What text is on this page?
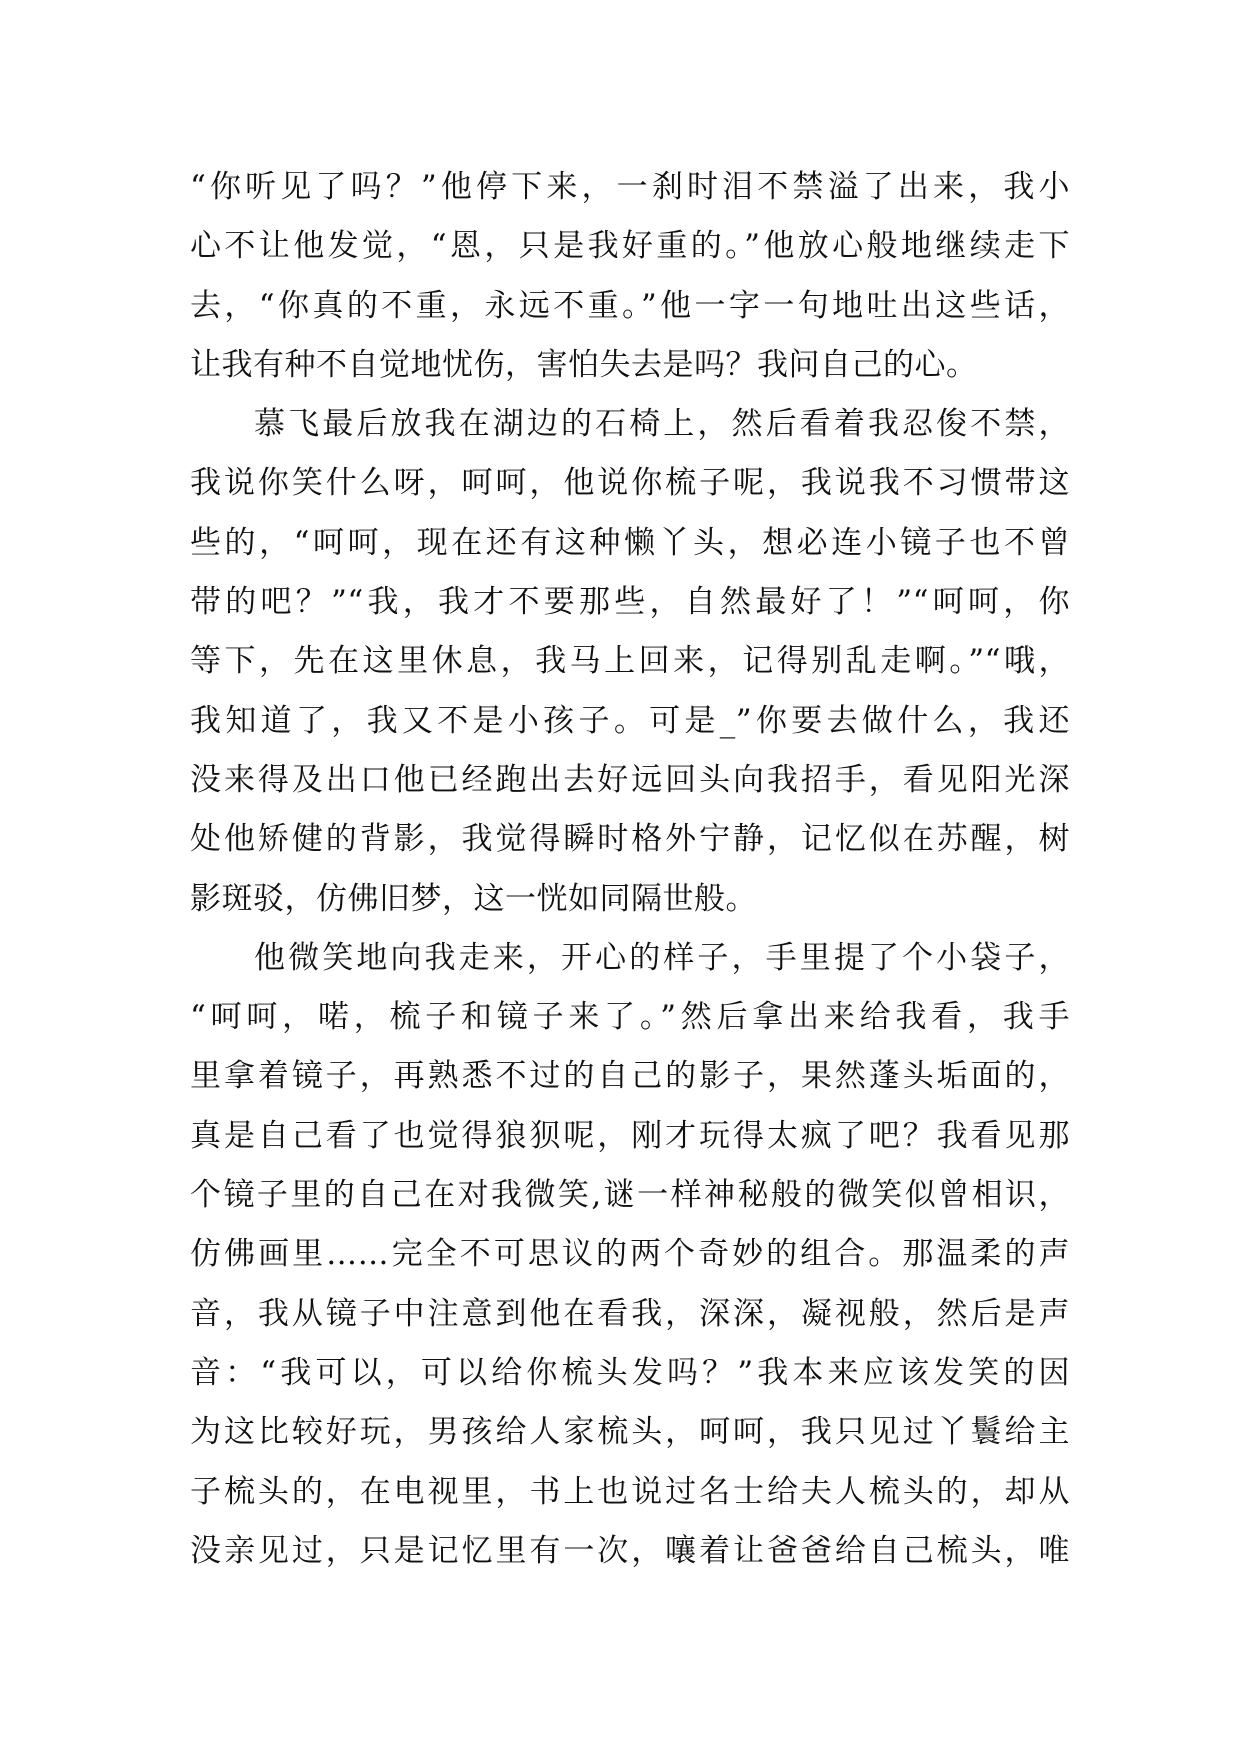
“你听见了吗？”他停下来，一刹时泪不禁溢了出来，我小
心不让他发觉，“恩，只是我好重的。”他放心般地继续走下
去，“你真的不重，永远不重。”他一字一句地吐出这些话，
让我有种不自觉地忧伤，害怕失去是吗？我问自己的心。
慕飞最后放我在湖边的石椅上，然后看着我忍俊不禁，
我说你笑什么呀，呵呵，他说你梳子呢，我说我不习惯带这
些的，“呵呵，现在还有这种懒丫头，想必连小镜子也不曾
带的吧？”“我，我才不要那些，自然最好了！”“呵呵，你
等下，先在这里休息，我马上回来，记得别乱走啊。”“哦，
我知道了，我又不是小孩子。可是_”你要去做什么，我还
没来得及出口他已经跑出去好远回头向我招手，看见阳光深
处他矫健的背影，我觉得瞬时格外宁静，记忆似在苏醒，树
影斑驳，仿佛旧梦，这一恍如同隔世般。
他微笑地向我走来，开心的样子，手里提了个小袋子，
“呵呵，喏，梳子和镜子来了。”然后拿出来给我看，我手
里拿着镜子，再熟悉不过的自己的影子，果然蓬头垢面的，
真是自己看了也觉得狼狈呢，刚才玩得太疯了吧？我看见那
个镜子里的自己在对我微笑,谜一样神秘般的微笑似曾相识，
仿佛画里……完全不可思议的两个奇妙的组合。那温柔的声
音，我从镜子中注意到他在看我，深深，凝视般，然后是声
音：“我可以，可以给你梳头发吗？”我本来应该发笑的因
为这比较好玩，男孩给人家梳头，呵呵，我只见过丫鬟给主
子梳头的，在电视里，书上也说过名士给夫人梳头的，却从
没亲见过，只是记忆里有一次，嚷着让爸爸给自己梳头，唯
